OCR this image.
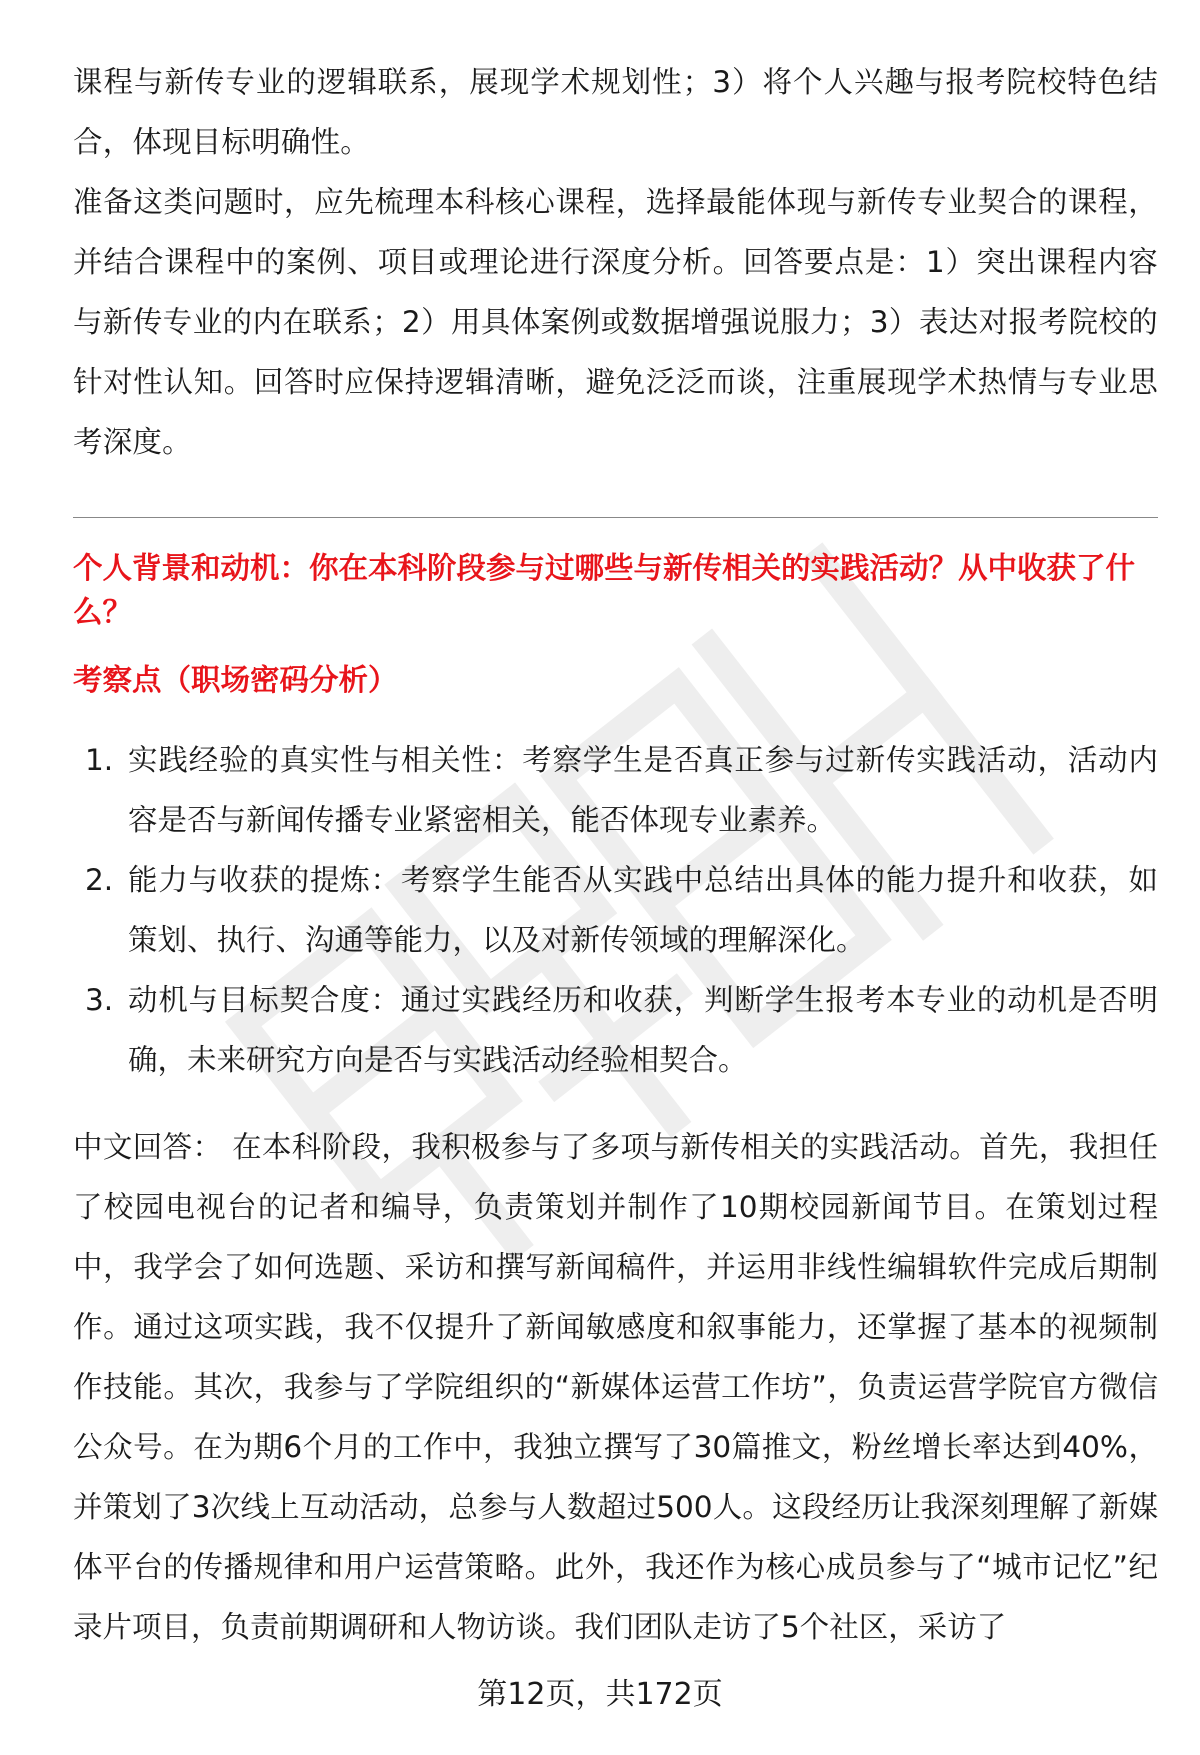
课程与新传专业的逻辑联系，展现学术规划性；3）将个人兴趣与报考院校特色结合，体现目标明确性。

准备这类问题时，应先梳理本科核心课程，选择最能体现与新传专业契合的课程，并结合课程中的案例、项目或理论进行深度分析。回答要点是：1）突出课程内容与新传专业的内在联系；2）用具体案例或数据增强说服力；3）表达对报考院校的针对性认知。回答时应保持逻辑清晰，避免泛泛而谈，注重展现学术热情与专业思考深度。

个人背景和动机：你在本科阶段参与过哪些与新传相关的实践活动？从中收获了什么？
考察点（职场密码分析）
1. 实践经验的真实性与相关性：考察学生是否真正参与过新传实践活动，活动内容是否与新闻传播专业紧密相关，能否体现专业素养。
2. 能力与收获的提炼：考察学生能否从实践中总结出具体的能力提升和收获，如策划、执行、沟通等能力，以及对新传领域的理解深化。
3. 动机与目标契合度：通过实践经历和收获，判断学生报考本专业的动机是否明确，未来研究方向是否与实践活动经验相契合。

中文回答： 在本科阶段，我积极参与了多项与新传相关的实践活动。首先，我担任了校园电视台的记者和编导，负责策划并制作了10期校园新闻节目。在策划过程中，我学会了如何选题、采访和撰写新闻稿件，并运用非线性编辑软件完成后期制作。通过这项实践，我不仅提升了新闻敏感度和叙事能力，还掌握了基本的视频制作技能。其次，我参与了学院组织的“新媒体运营工作坊”，负责运营学院官方微信公众号。在为期6个月的工作中，我独立撰写了30篇推文，粉丝增长率达到40%，并策划了3次线上互动活动，总参与人数超过500人。这段经历让我深刻理解了新媒体平台的传播规律和用户运营策略。此外，我还作为核心成员参与了“城市记忆”纪录片项目，负责前期调研和人物访谈。我们团队走访了5个社区，采访了

第12页，共172页
